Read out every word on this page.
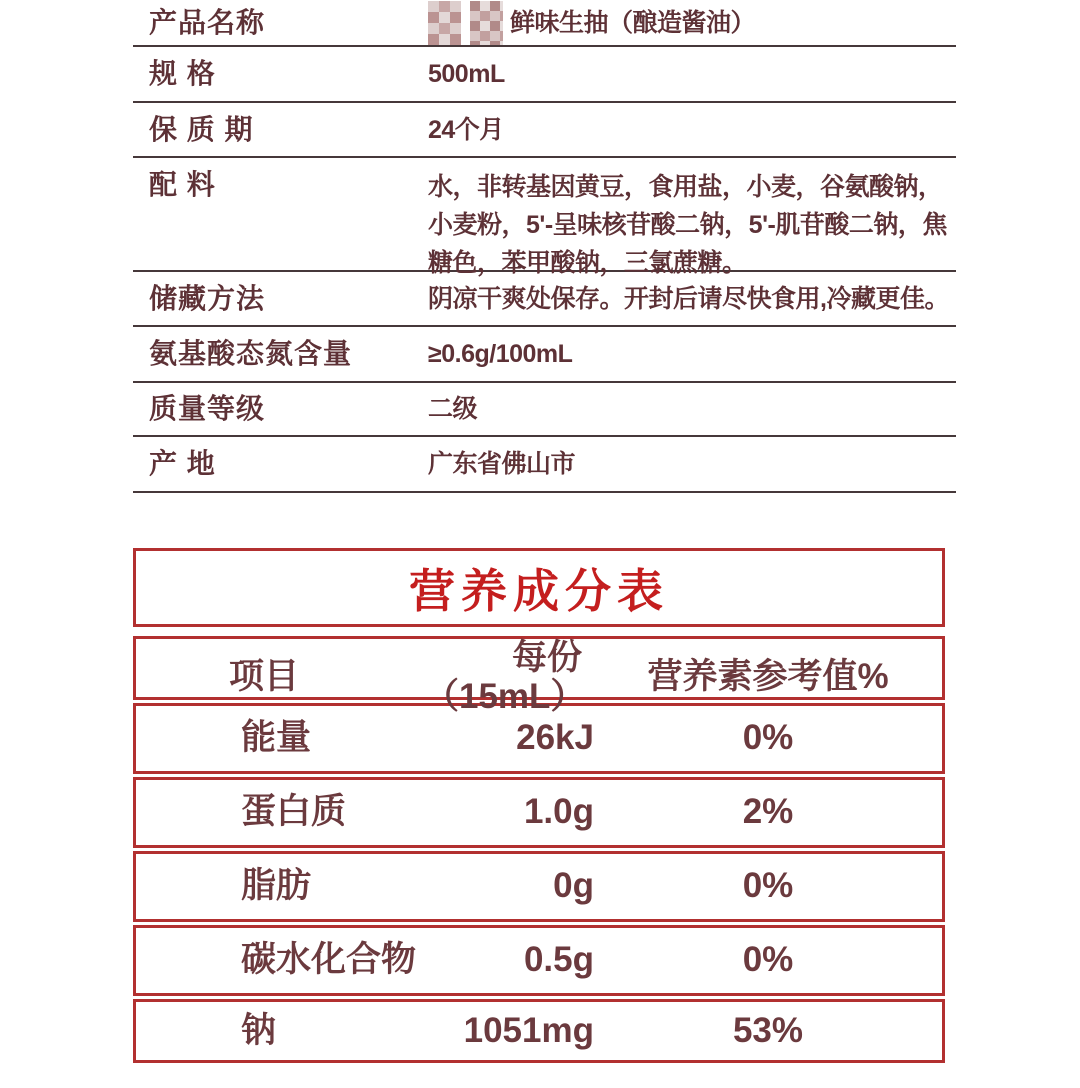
产品名称	鲜味生抽（酿造酱油）
规 格	500mL
保 质 期	24个月
配 料	水，非转基因黄豆，食用盐，小麦，谷氨酸钠，小麦粉，5'-呈味核苷酸二钠，5'-肌苷酸二钠，焦糖色，苯甲酸钠，三氯蔗糖。
储藏方法	阴凉干爽处保存。开封后请尽快食用,冷藏更佳。
氨基酸态氮含量	≥0.6g/100mL
质量等级	二级
产 地	广东省佛山市
营养成分表
项目	每份（15mL）	营养素参考值%
能量	26kJ	0%
蛋白质	1.0g	2%
脂肪	0g	0%
碳水化合物	0.5g	0%
钠	1051mg	53%
